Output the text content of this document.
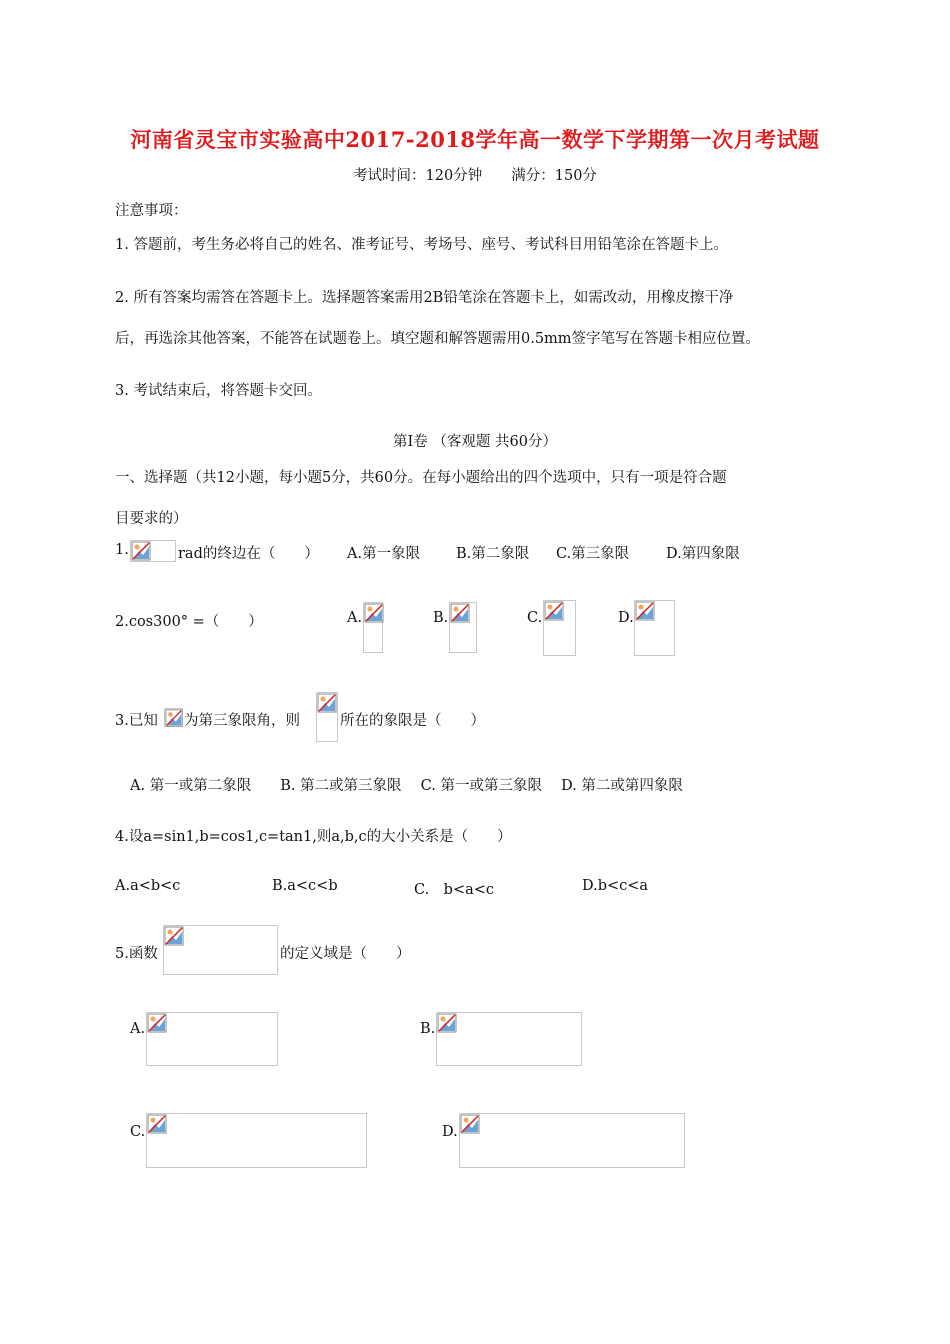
河南省灵宝市实验高中2017-2018学年高一数学下学期第一次月考试题
考试时间：120分钟　　满分：150分
注意事项：
1. 答题前，考生务必将自己的姓名、准考证号、考场号、座号、考试科目用铅笔涂在答题卡上。
2. 所有答案均需答在答题卡上。选择题答案需用2B铅笔涂在答题卡上，如需改动，用橡皮擦干净
后，再选涂其他答案，不能答在试题卷上。填空题和解答题需用0.5mm签字笔写在答题卡相应位置。
3. 考试结束后，将答题卡交回。
第Ⅰ卷 （客观题 共60分）
一、选择题（共12小题，每小题5分，共60分。在每小题给出的四个选项中，只有一项是符合题
目要求的）
1.	rad的终边在（　　） A.第一象限 B.第二象限 C.第三象限	D.第四象限
2.cos300° =（　　）	A.	B.	C.	D.
3.已知 为第三象限角，则	所在的象限是（　　）
A. 第一或第二象限　　B. 第二或第三象限　 C. 第一或第三象限　 D. 第二或第四象限
4.设a=sin1,b=cos1,c=tan1,则a,b,c的大小关系是（　　）
A.a<b<c	B.a<c<b	C.　b<a<c	D.b<c<a
5.函数	的定义域是（　　）
A.	B.
C.	D.
